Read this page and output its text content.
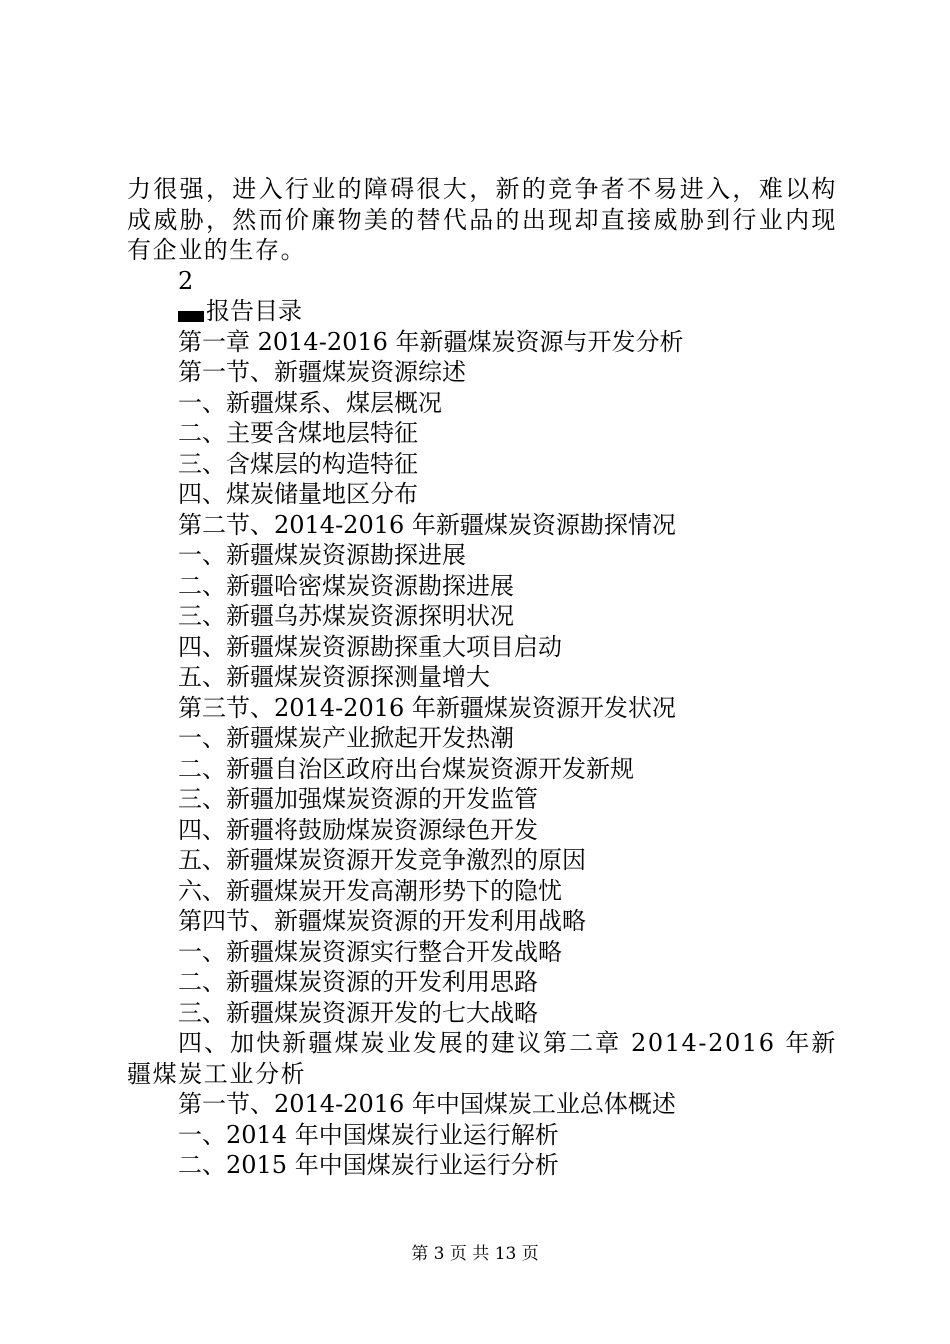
力很强，进入行业的障碍很大，新的竞争者不易进入，难以构成威胁，然而价廉物美的替代品的出现却直接威胁到行业内现有企业的生存。

2

报告目录

第一章 2014-2016 年新疆煤炭资源与开发分析

第一节、新疆煤炭资源综述

一、新疆煤系、煤层概况

二、主要含煤地层特征

三、含煤层的构造特征

四、煤炭储量地区分布

第二节、2014-2016 年新疆煤炭资源勘探情况

一、新疆煤炭资源勘探进展

二、新疆哈密煤炭资源勘探进展

三、新疆乌苏煤炭资源探明状况

四、新疆煤炭资源勘探重大项目启动

五、新疆煤炭资源探测量增大

第三节、2014-2016 年新疆煤炭资源开发状况

一、新疆煤炭产业掀起开发热潮

二、新疆自治区政府出台煤炭资源开发新规

三、新疆加强煤炭资源的开发监管

四、新疆将鼓励煤炭资源绿色开发

五、新疆煤炭资源开发竞争激烈的原因

六、新疆煤炭开发高潮形势下的隐忧

第四节、新疆煤炭资源的开发利用战略

一、新疆煤炭资源实行整合开发战略

二、新疆煤炭资源的开发利用思路

三、新疆煤炭资源开发的七大战略

四、加快新疆煤炭业发展的建议第二章 2014-2016 年新疆煤炭工业分析

第一节、2014-2016 年中国煤炭工业总体概述

一、2014 年中国煤炭行业运行解析

二、2015 年中国煤炭行业运行分析

第 3 页 共 13 页
